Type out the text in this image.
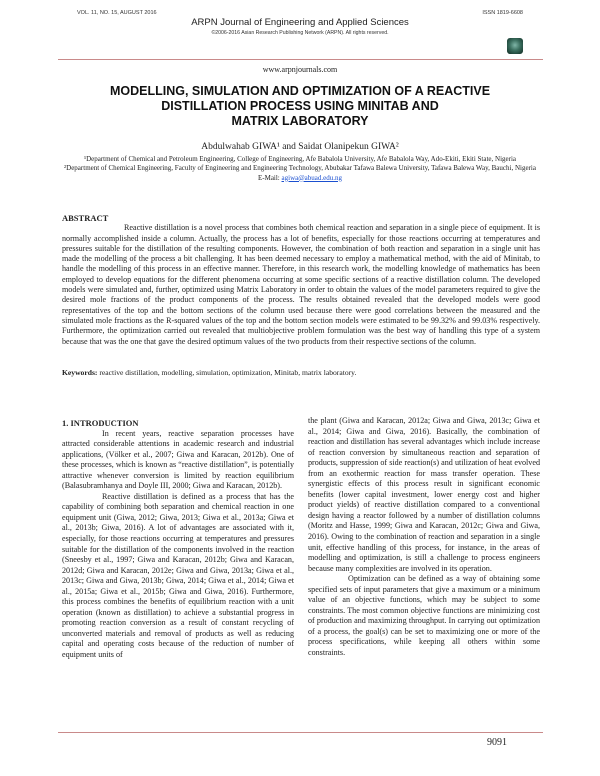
VOL. 11, NO. 15, AUGUST 2016	ISSN 1819-6608
ARPN Journal of Engineering and Applied Sciences
©2006-2016 Asian Research Publishing Network (ARPN). All rights reserved.
www.arpnjournals.com
MODELLING, SIMULATION AND OPTIMIZATION OF A REACTIVE
DISTILLATION PROCESS USING MINITAB AND
MATRIX LABORATORY
Abdulwahab GIWA¹ and Saidat Olanipekun GIWA²
¹Department of Chemical and Petroleum Engineering, College of Engineering, Afe Babalola University, Afe Babalola Way, Ado-Ekiti, Ekiti State, Nigeria
²Department of Chemical Engineering, Faculty of Engineering and Engineering Technology, Abubakar Tafawa Balewa University, Tafawa Balewa Way, Bauchi, Nigeria
E-Mail: agiwa@abuad.edu.ng
ABSTRACT

Reactive distillation is a novel process that combines both chemical reaction and separation in a single piece of equipment. It is normally accomplished inside a column. Actually, the process has a lot of benefits, especially for those reactions occurring at temperatures and pressures suitable for the distillation of the resulting components. However, the combination of both reaction and separation in a single unit has made the modelling of the process a bit challenging. It has been deemed necessary to employ a mathematical method, with the aid of Minitab, to handle the modelling of this process in an effective manner. Therefore, in this research work, the modelling knowledge of mathematics has been employed to develop equations for the different phenomena occurring at some specific sections of a reactive distillation column. The developed models were simulated and, further, optimized using Matrix Laboratory in order to obtain the values of the model parameters required to give the desired mole fractions of the product components of the process. The results obtained revealed that the developed models were good representatives of the top and the bottom sections of the column used because there were good correlations between the measured and the simulated mole fractions as the R-squared values of the top and the bottom section models were estimated to be 99.32% and 99.03% respectively. Furthermore, the optimization carried out revealed that multiobjective problem formulation was the best way of handling this type of a system because that was the one that gave the desired optimum values of the two products from their respective sections of the column.

Keywords: reactive distillation, modelling, simulation, optimization, Minitab, matrix laboratory.
1. INTRODUCTION

In recent years, reactive separation processes have attracted considerable attentions in academic research and industrial applications, (Völker et al., 2007; Giwa and Karacan, 2012b). One of these processes, which is known as “reactive distillation”, is potentially attractive whenever conversion is limited by reaction equilibrium (Balasubramhanya and Doyle III, 2000; Giwa and Karacan, 2012b).

Reactive distillation is defined as a process that has the capability of combining both separation and chemical reaction in one equipment unit (Giwa, 2012; Giwa, 2013; Giwa et al., 2013a; Giwa et al., 2013b; Giwa, 2016). A lot of advantages are associated with it, especially, for those reactions occurring at temperatures and pressures suitable for the distillation of the components involved in the reaction (Sneesby et al., 1997; Giwa and Karacan, 2012b; Giwa and Karacan, 2012d; Giwa and Karacan, 2012e; Giwa and Giwa, 2013a; Giwa et al., 2013c; Giwa and Giwa, 2013b; Giwa, 2014; Giwa et al., 2014; Giwa et al., 2015a; Giwa et al., 2015b; Giwa and Giwa, 2016). Furthermore, this process combines the benefits of equilibrium reaction with a unit operation (known as distillation) to achieve a substantial progress in promoting reaction conversion as a result of constant recycling of unconverted materials and removal of products as well as reducing capital and operating costs because of the reduction of number of equipment units of

the plant (Giwa and Karacan, 2012a; Giwa and Giwa, 2013c; Giwa et al., 2014; Giwa and Giwa, 2016). Basically, the combination of reaction and distillation has several advantages which include increase of reaction conversion by simultaneous reaction and separation of products, suppression of side reaction(s) and utilization of heat evolved from an exothermic reaction for mass transfer operation. These synergistic effects of this process result in significant economic benefits (lower capital investment, lower energy cost and higher product yields) of reactive distillation compared to a conventional design having a reactor followed by a number of distillation columns (Moritz and Hasse, 1999; Giwa and Karacan, 2012c; Giwa and Giwa, 2016). Owing to the combination of reaction and separation in a single unit, effective handling of this process, for instance, in the areas of modelling and optimization, is still a challenge to process engineers because many complexities are involved in its operation.

Optimization can be defined as a way of obtaining some specified sets of input parameters that give a maximum or a minimum value of an objective functions, which may be subject to some constraints. The most common objective functions are minimizing cost of production and maximizing throughput. In carrying out optimization of a process, the goal(s) can be set to maximizing one or more of the process specifications, while keeping all others within some constraints.

9091
